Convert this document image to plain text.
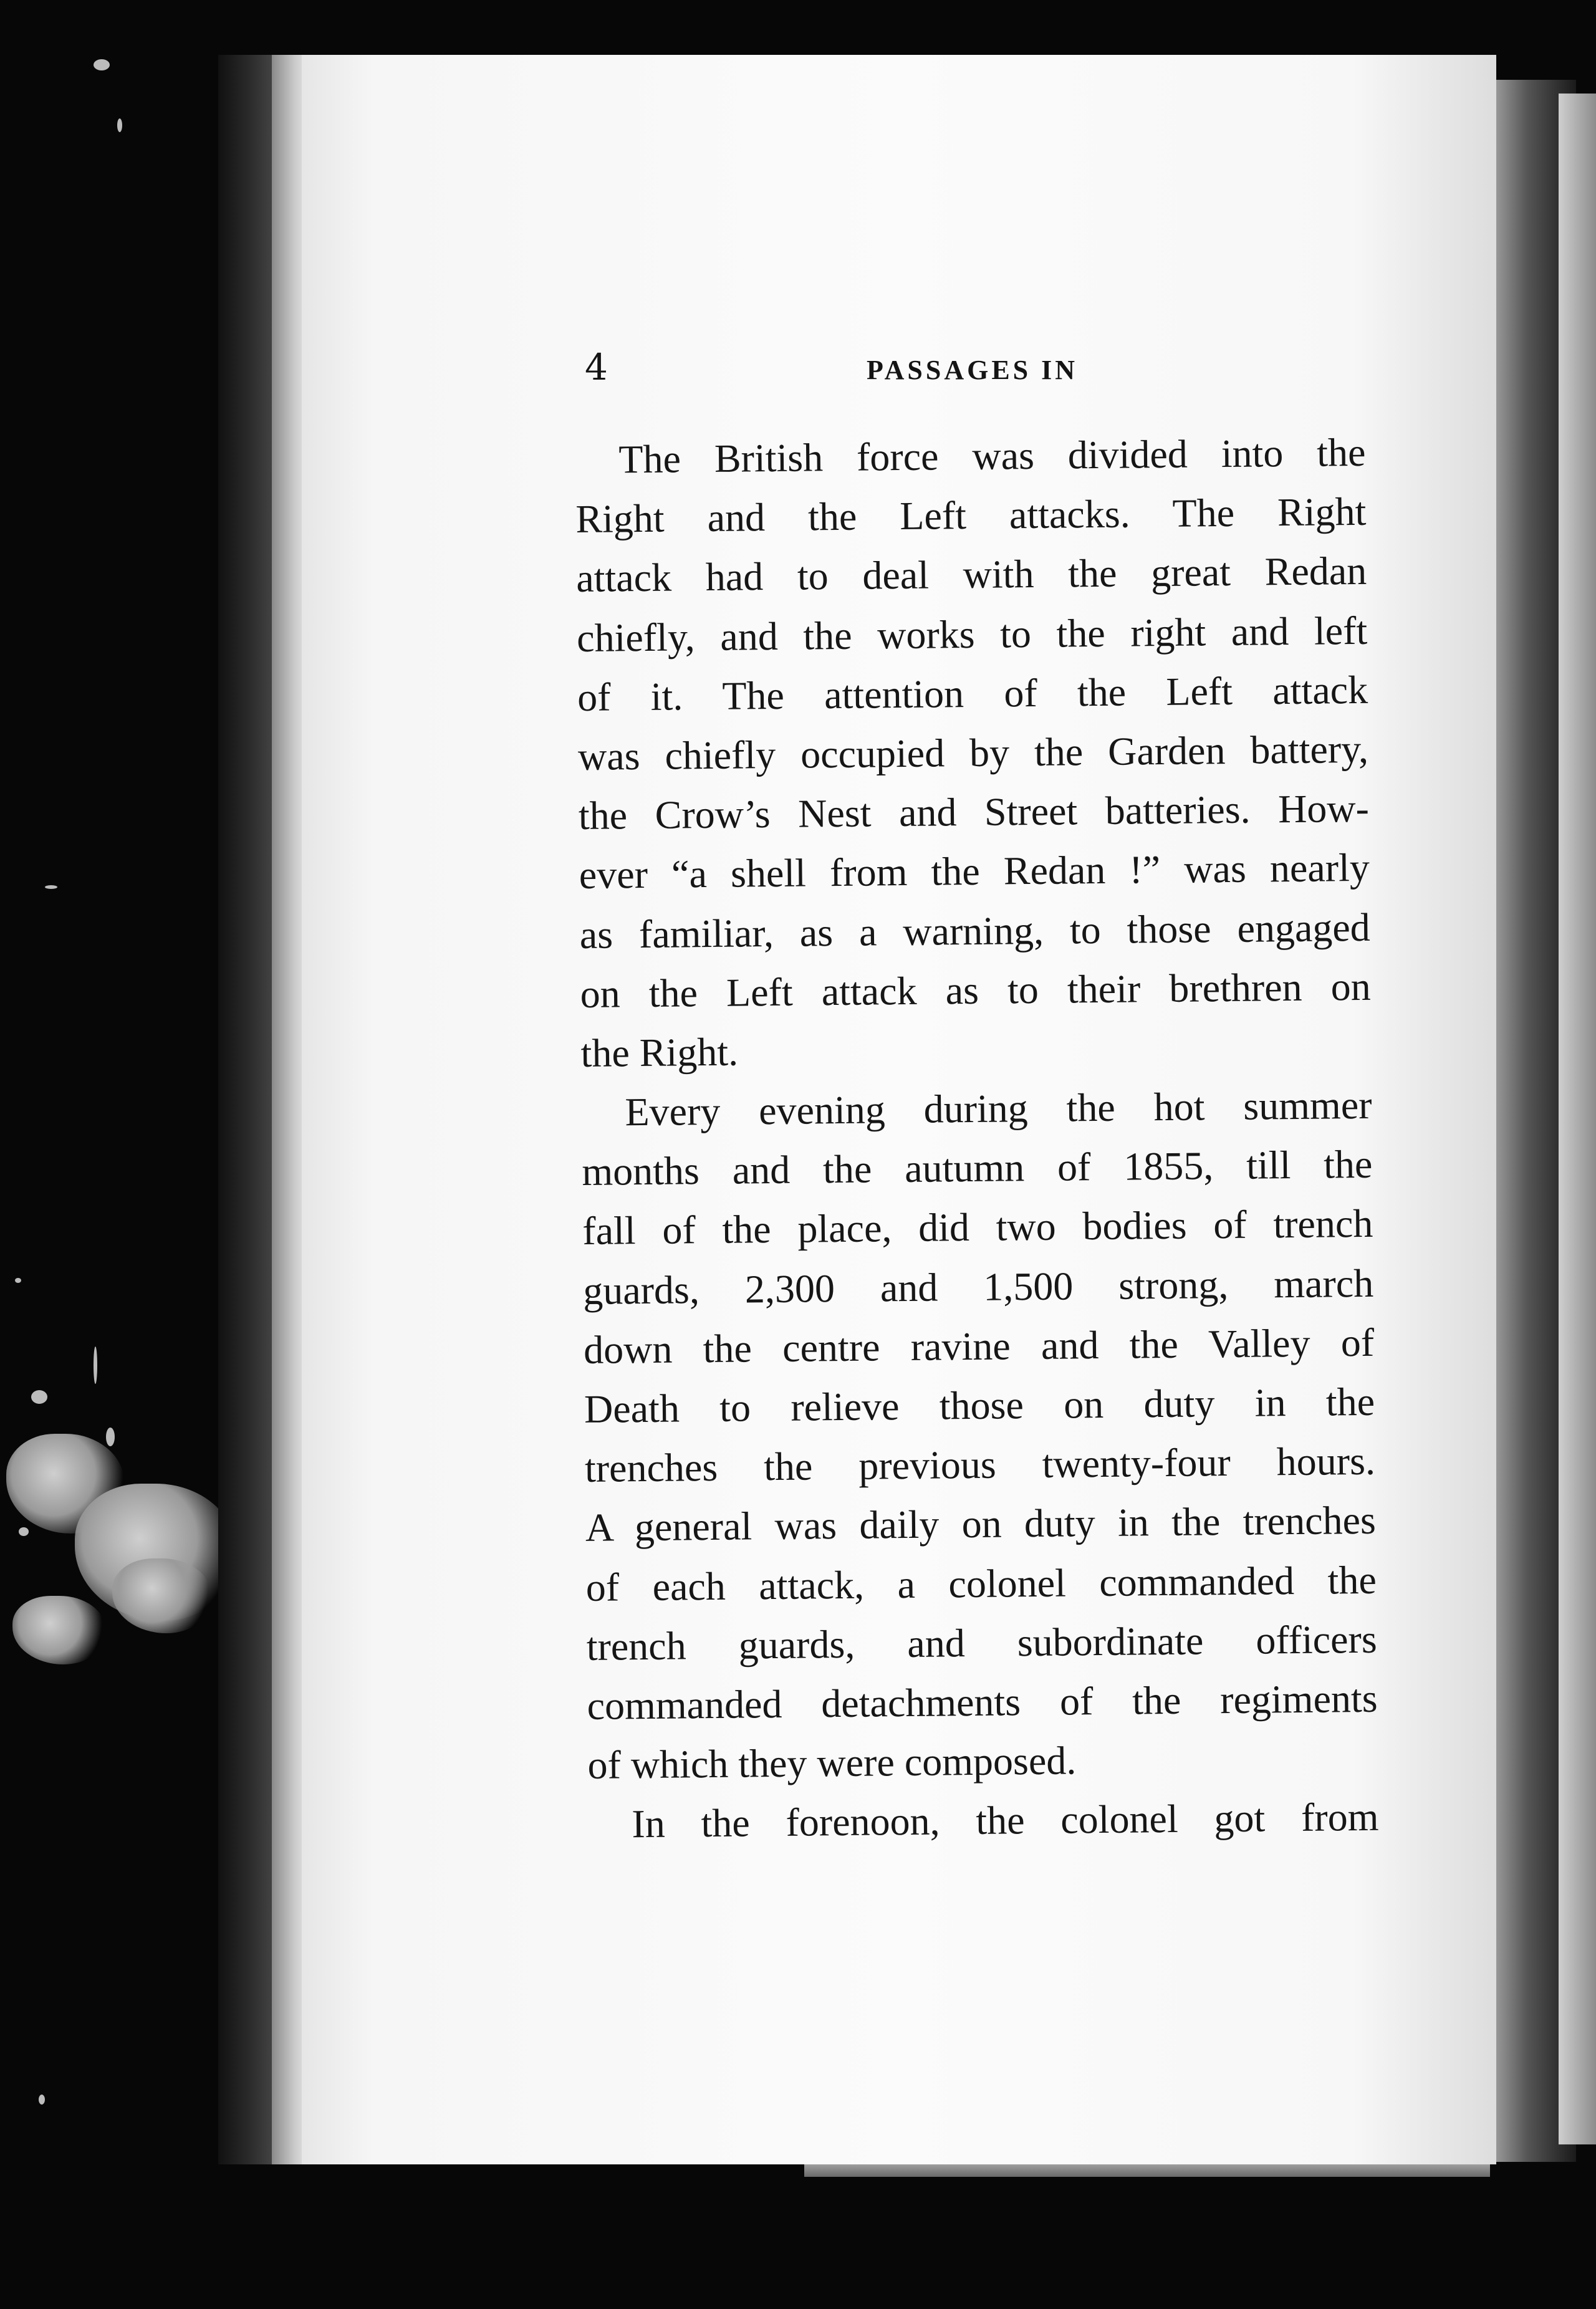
4	PASSAGES IN
The British force was divided into the
Right and the Left attacks. The Right
attack had to deal with the great Redan
chiefly, and the works to the right and left
of it. The attention of the Left attack
was chiefly occupied by the Garden battery,
the Crow’s Nest and Street batteries. How-
ever “a shell from the Redan !” was nearly
as familiar, as a warning, to those engaged
on the Left attack as to their brethren on
the Right.
Every evening during the hot summer
months and the autumn of 1855, till the
fall of the place, did two bodies of trench
guards, 2,300 and 1,500 strong, march
down the centre ravine and the Valley of
Death to relieve those on duty in the
trenches the previous twenty-four hours.
A general was daily on duty in the trenches
of each attack, a colonel commanded the
trench guards, and subordinate officers
commanded detachments of the regiments
of which they were composed.
In the forenoon, the colonel got from
